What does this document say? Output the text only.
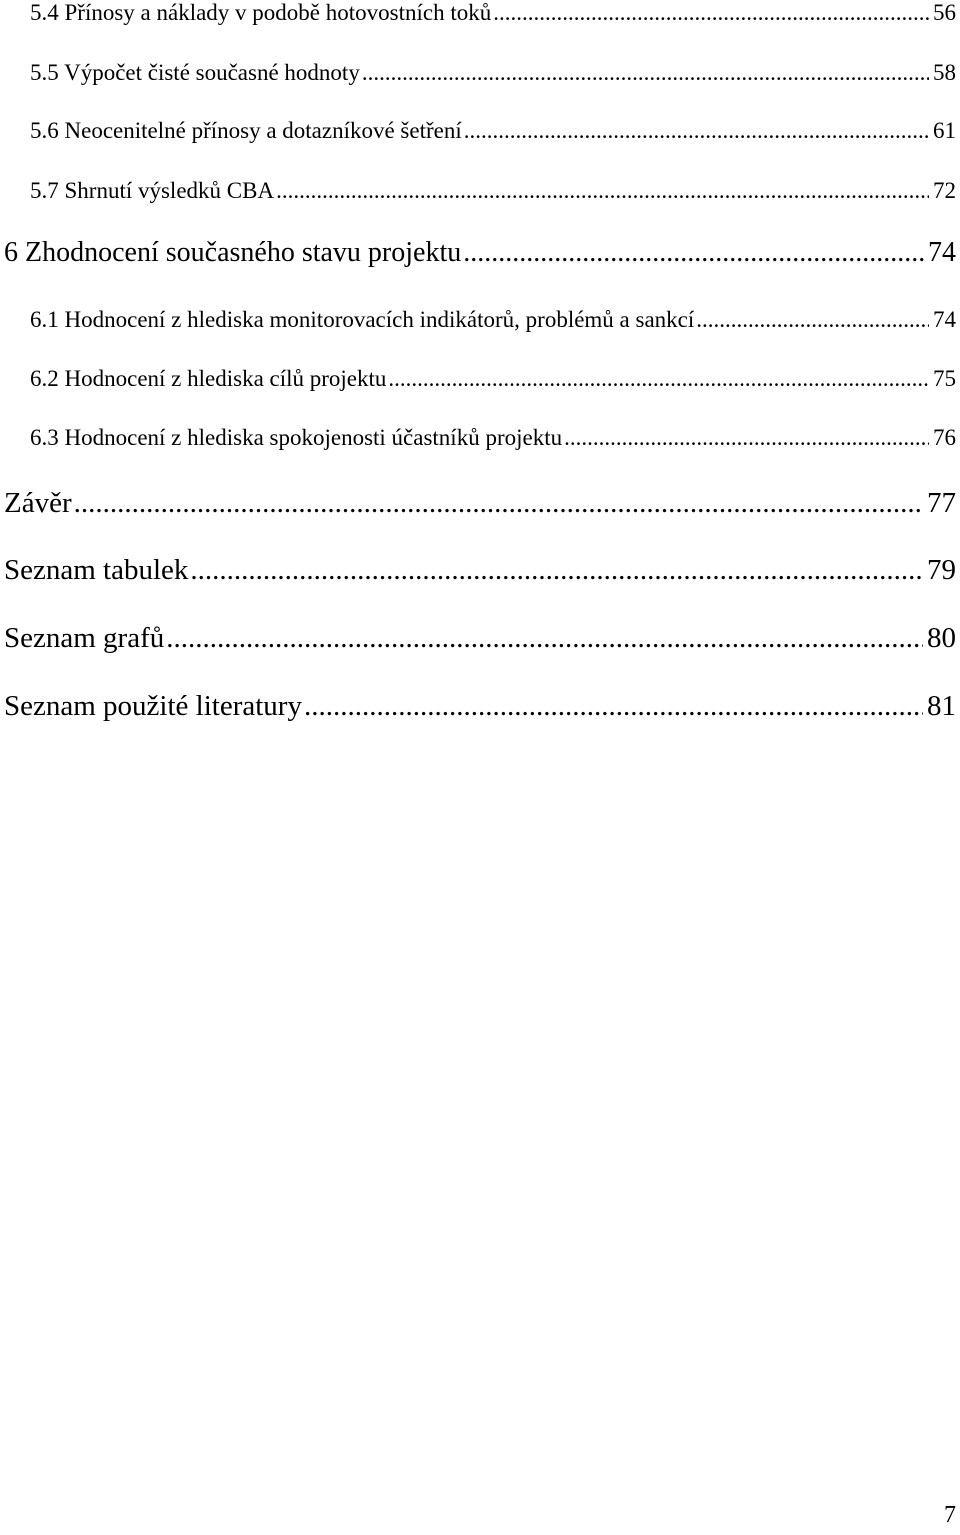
5.4 Přínosy a náklady v podobě hotovostních toků .....	56
5.5 Výpočet čisté současné hodnoty .....	58
5.6 Neocenitelné přínosy a dotazníkové šetření .....	61
5.7 Shrnutí výsledků CBA .....	72
6 Zhodnocení současného stavu projektu .....	74
6.1 Hodnocení z hlediska monitorovacích indikátorů, problémů a sankcí .....	74
6.2 Hodnocení z hlediska cílů projektu .....	75
6.3 Hodnocení z hlediska spokojenosti účastníků projektu .....	76
Závěr .....	77
Seznam tabulek .....	79
Seznam grafů .....	80
Seznam použité literatury .....	81
7
